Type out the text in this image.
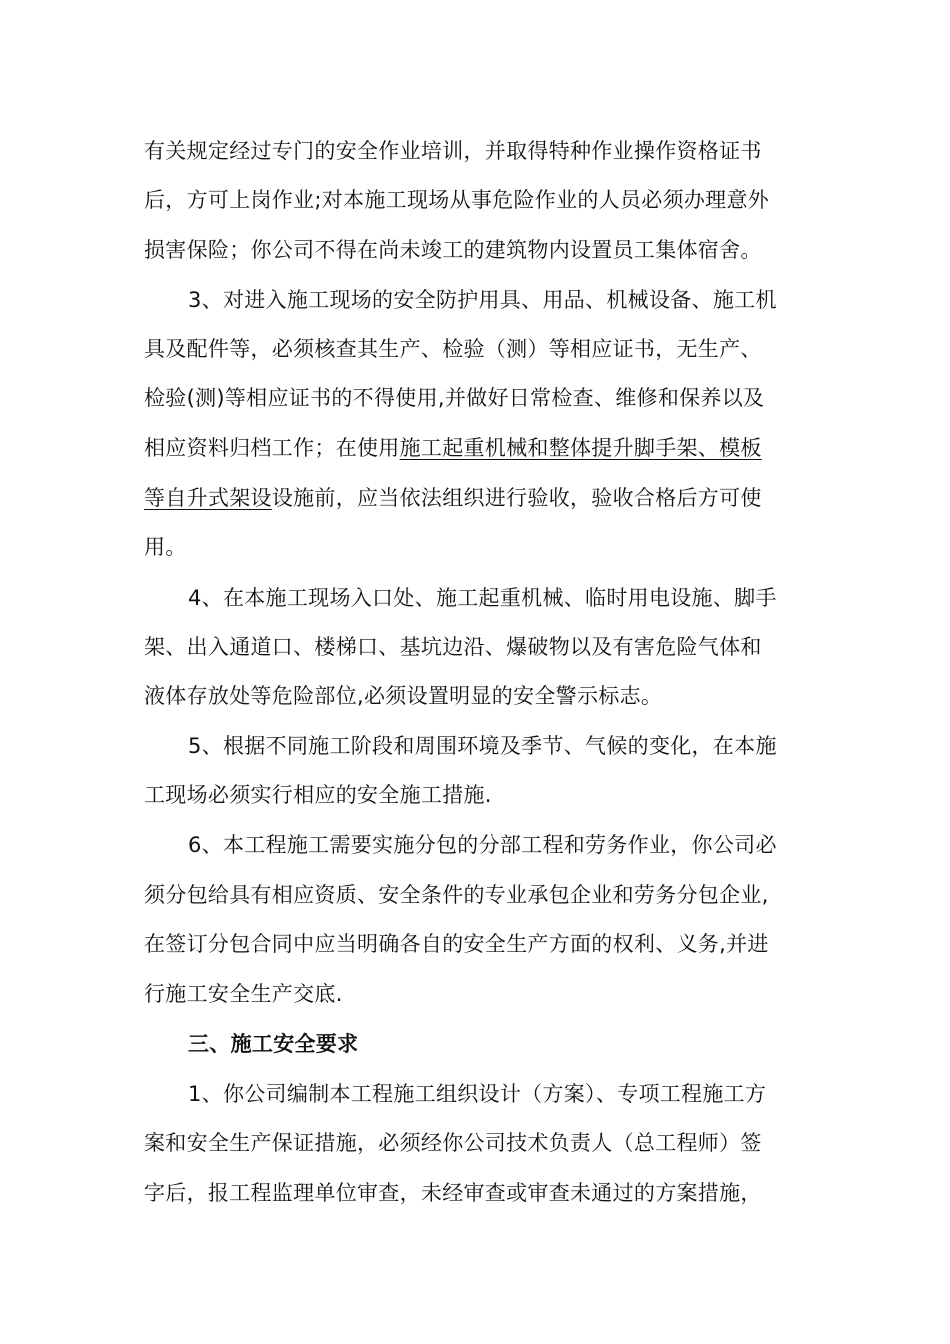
有关规定经过专门的安全作业培训，并取得特种作业操作资格证书
后，方可上岗作业;对本施工现场从事危险作业的人员必须办理意外
损害保险；你公司不得在尚未竣工的建筑物内设置员工集体宿舍。
3、对进入施工现场的安全防护用具、用品、机械设备、施工机
具及配件等，必须核查其生产、检验（测）等相应证书，无生产、
检验(测)等相应证书的不得使用,并做好日常检查、维修和保养以及
相应资料归档工作；在使用施工起重机械和整体提升脚手架、模板
等自升式架设设施前，应当依法组织进行验收，验收合格后方可使
用。
4、在本施工现场入口处、施工起重机械、临时用电设施、脚手
架、出入通道口、楼梯口、基坑边沿、爆破物以及有害危险气体和
液体存放处等危险部位,必须设置明显的安全警示标志。
5、根据不同施工阶段和周围环境及季节、气候的变化，在本施
工现场必须实行相应的安全施工措施.
6、本工程施工需要实施分包的分部工程和劳务作业，你公司必
须分包给具有相应资质、安全条件的专业承包企业和劳务分包企业,
在签订分包合同中应当明确各自的安全生产方面的权利、义务,并进
行施工安全生产交底.
三、施工安全要求
1、你公司编制本工程施工组织设计（方案）、专项工程施工方
案和安全生产保证措施，必须经你公司技术负责人（总工程师）签
字后，报工程监理单位审查，未经审查或审查未通过的方案措施，
